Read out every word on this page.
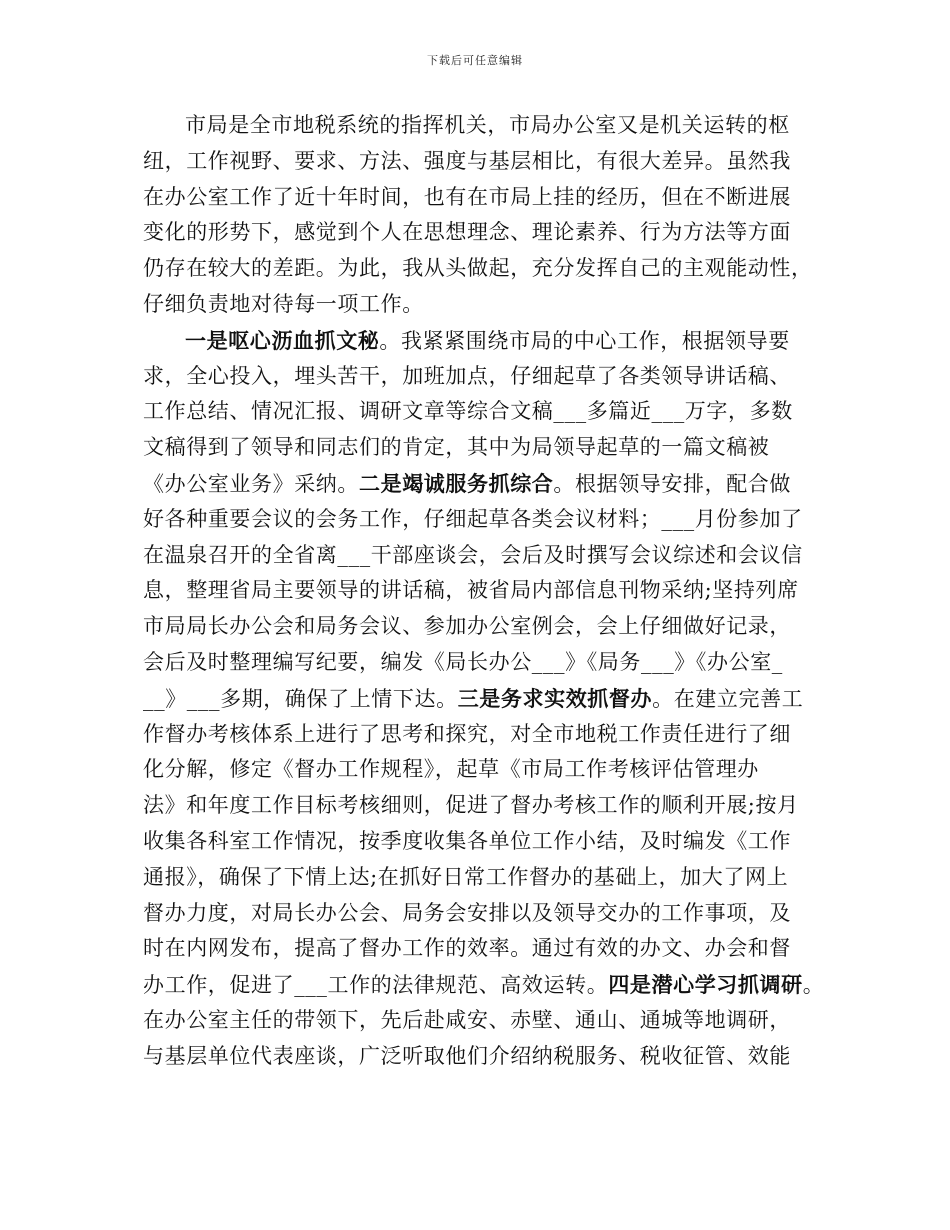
下载后可任意编辑
市局是全市地税系统的指挥机关，市局办公室又是机关运转的枢
纽，工作视野、要求、方法、强度与基层相比，有很大差异。虽然我
在办公室工作了近十年时间，也有在市局上挂的经历，但在不断进展
变化的形势下，感觉到个人在思想理念、理论素养、行为方法等方面
仍存在较大的差距。为此，我从头做起，充分发挥自己的主观能动性，
仔细负责地对待每一项工作。
一是呕心沥血抓文秘。我紧紧围绕市局的中心工作，根据领导要
求，全心投入，埋头苦干，加班加点，仔细起草了各类领导讲话稿、
工作总结、情况汇报、调研文章等综合文稿___多篇近___万字，多数
文稿得到了领导和同志们的肯定，其中为局领导起草的一篇文稿被
《办公室业务》采纳。二是竭诚服务抓综合。根据领导安排，配合做
好各种重要会议的会务工作，仔细起草各类会议材料；___月份参加了
在温泉召开的全省离___干部座谈会，会后及时撰写会议综述和会议信
息，整理省局主要领导的讲话稿，被省局内部信息刊物采纳;坚持列席
市局局长办公会和局务会议、参加办公室例会，会上仔细做好记录，
会后及时整理编写纪要，编发《局长办公___》《局务___》《办公室_
__》___多期，确保了上情下达。三是务求实效抓督办。在建立完善工
作督办考核体系上进行了思考和探究，对全市地税工作责任进行了细
化分解，修定《督办工作规程》，起草《市局工作考核评估管理办
法》和年度工作目标考核细则，促进了督办考核工作的顺利开展;按月
收集各科室工作情况，按季度收集各单位工作小结，及时编发《工作
通报》，确保了下情上达;在抓好日常工作督办的基础上，加大了网上
督办力度，对局长办公会、局务会安排以及领导交办的工作事项，及
时在内网发布，提高了督办工作的效率。通过有效的办文、办会和督
办工作，促进了___工作的法律规范、高效运转。四是潜心学习抓调研。
在办公室主任的带领下，先后赴咸安、赤壁、通山、通城等地调研，
与基层单位代表座谈，广泛听取他们介绍纳税服务、税收征管、效能
